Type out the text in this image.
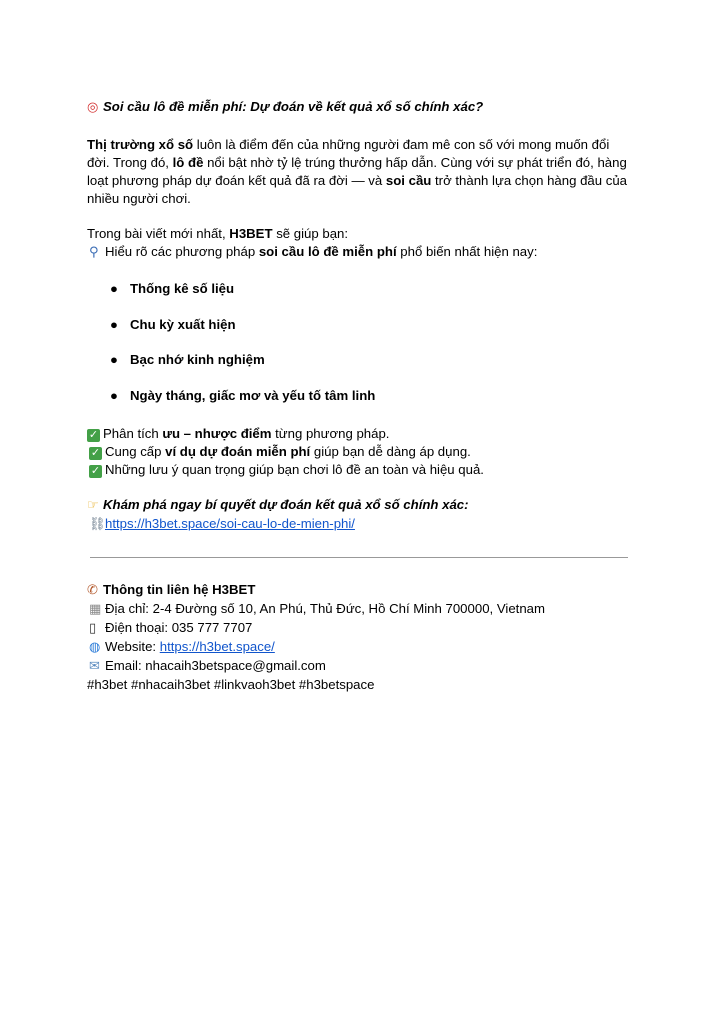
◎ Soi cầu lô đề miễn phí: Dự đoán về kết quả xổ số chính xác?

Thị trường xổ số luôn là điểm đến của những người đam mê con số với mong muốn đổi đời. Trong đó, lô đề nổi bật nhờ tỷ lệ trúng thưởng hấp dẫn. Cùng với sự phát triển đó, hàng loạt phương pháp dự đoán kết quả đã ra đời — và soi cầu trở thành lựa chọn hàng đầu của nhiều người chơi.

Trong bài viết mới nhất, H3BET sẽ giúp bạn:

⚲ Hiểu rõ các phương pháp soi cầu lô đề miễn phí phổ biến nhất hiện nay:

● Thống kê số liệu
● Chu kỳ xuất hiện
● Bạc nhớ kinh nghiệm
● Ngày tháng, giấc mơ và yếu tố tâm linh

✓ Phân tích ưu – nhược điểm từng phương pháp.

✓ Cung cấp ví dụ dự đoán miễn phí giúp bạn dễ dàng áp dụng.

✓ Những lưu ý quan trọng giúp bạn chơi lô đề an toàn và hiệu quả.

☞ Khám phá ngay bí quyết dự đoán kết quả xổ số chính xác:

⛓https://h3bet.space/soi-cau-lo-de-mien-phi/

✆ Thông tin liên hệ H3BET

▦ Địa chỉ: 2-4 Đường số 10, An Phú, Thủ Đức, Hồ Chí Minh 700000, Vietnam

▯ Điện thoại: 035 777 7707

◍ Website: https://h3bet.space/

✉ Email: nhacaih3betspace@gmail.com

#h3bet #nhacaih3bet #linkvaoh3bet #h3betspace
